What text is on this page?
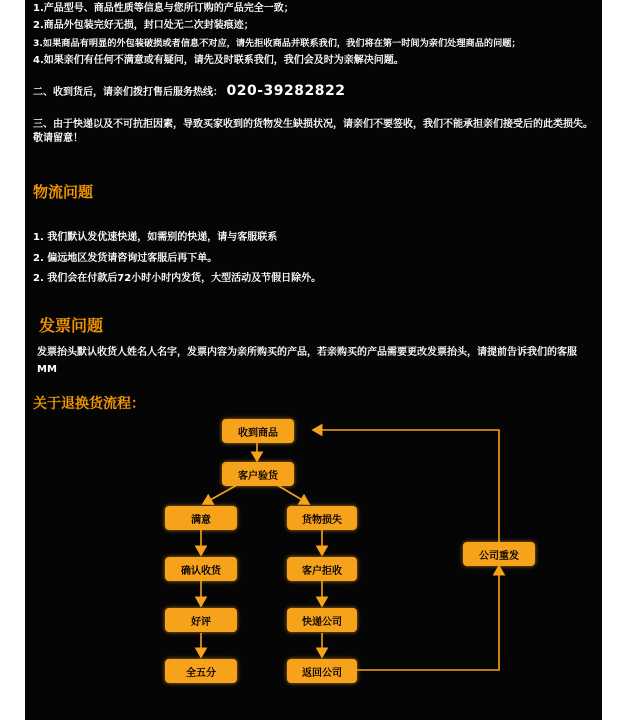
1.产品型号、商品性质等信息与您所订购的产品完全一致；
2.商品外包装完好无损，封口处无二次封装痕迹；
3.如果商品有明显的外包装破损或者信息不对应，请先拒收商品并联系我们，我们将在第一时间为亲们处理商品的问题；
4.如果亲们有任何不满意或有疑问，请先及时联系我们，我们会及时为亲解决问题。
二、收到货后，请亲们拨打售后服务热线： 020-39282822
三、由于快递以及不可抗拒因素，导致买家收到的货物发生缺损状况，请亲们不要签收，我们不能承担亲们接受后的此类损失。敬请留意！
物流问题
1. 我们默认发优速快递，如需别的快递，请与客服联系
2. 偏远地区发货请咨询过客服后再下单。
2. 我们会在付款后72小时小时内发货，大型活动及节假日除外。
发票问题
发票抬头默认收货人姓名人名字，发票内容为亲所购买的产品，若亲购买的产品需要更改发票抬头，请提前告诉我们的客服MM
关于退换货流程：
收到商品
客户验货
满意
确认收货
好评
全五分
货物损失
客户拒收
快递公司
返回公司
公司重发
